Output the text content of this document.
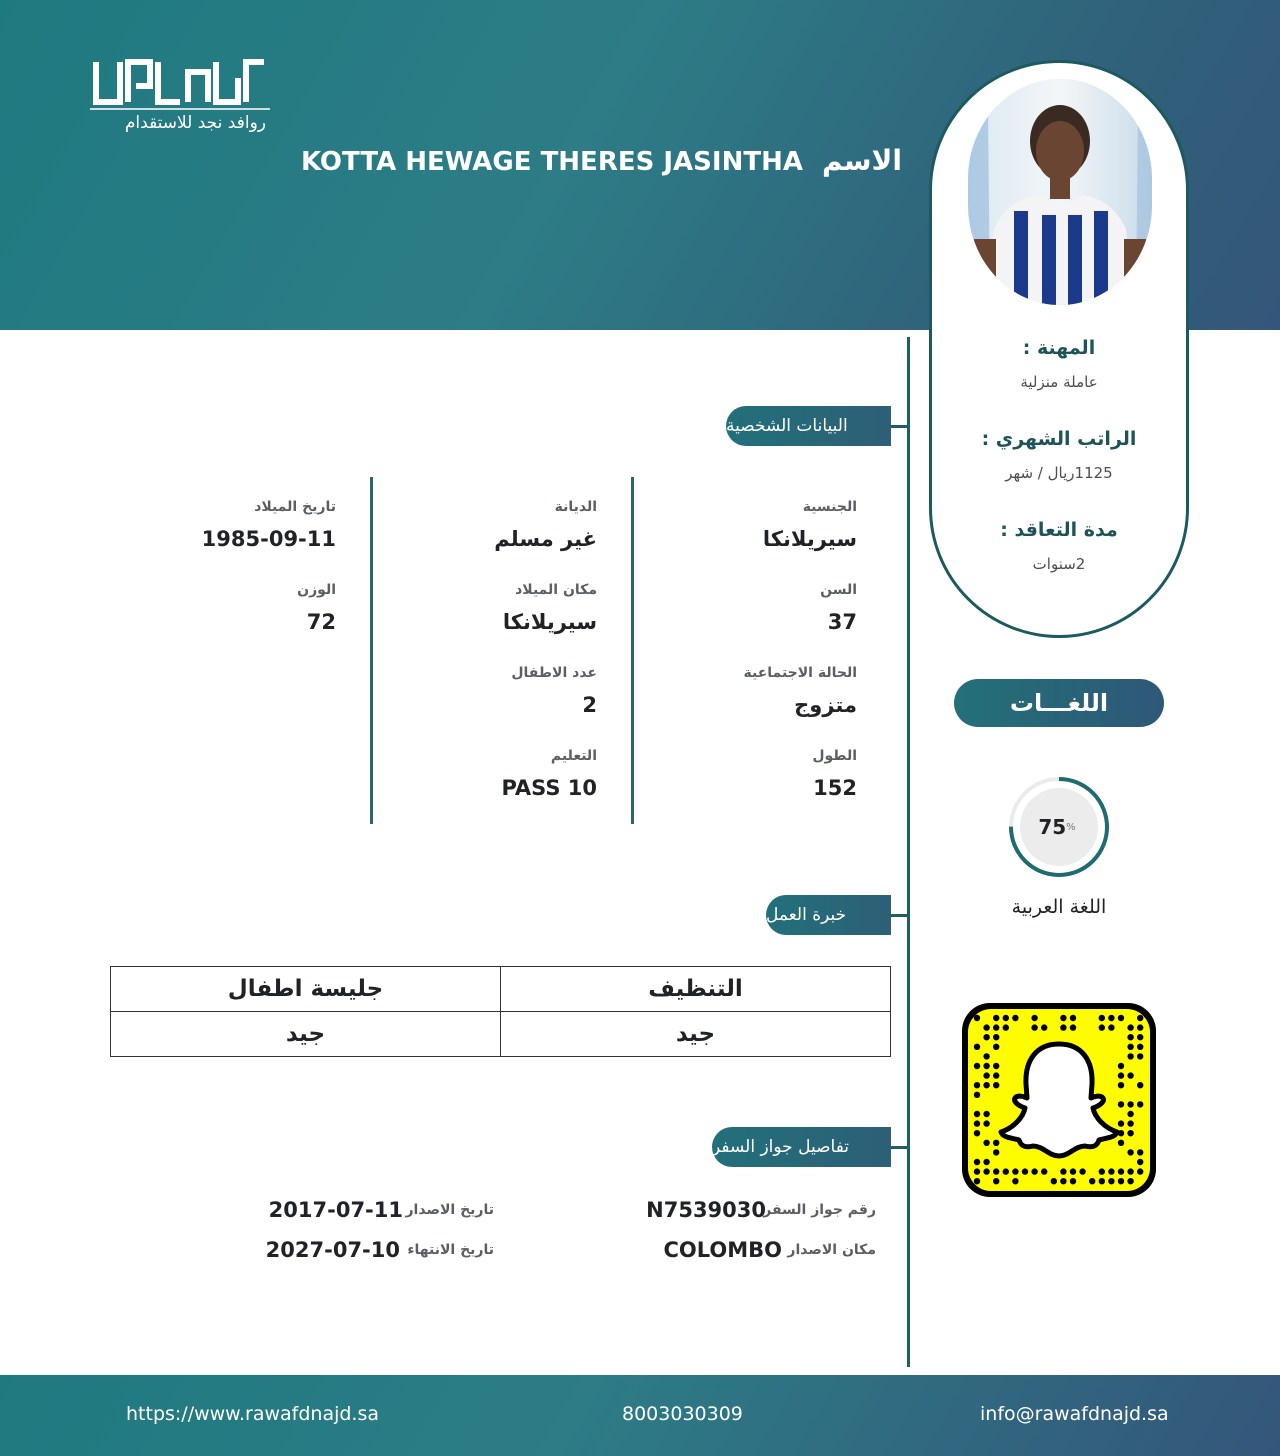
روافد نجد للاستقدام
الاسم KOTTA HEWAGE THERES JASINTHA
المهنة :
عاملة منزلية
الراتب الشهري :
1125ريال / شهر
مدة التعاقد :
2سنوات
البيانات الشخصية
الجنسية
سيريلانكا
الديانة
غير مسلم
تاريخ الميلاد
1985-09-11
السن
37
مكان الميلاد
سيريلانكا
الوزن
72
الحالة الاجتماعية
متزوج
عدد الاطفال
2
الطول
152
التعليم
PASS 10
خبرة العمل
التنظيف	جليسة اطفال
جيد	جيد
تفاصيل جواز السفر
رقم جواز السفر
N7539030
تاريخ الاصدار
2017-07-11
مكان الاصدار
COLOMBO
تاريخ الانتهاء
2027-07-10
اللغـــات
75 %
اللغة العربية
https://www.rawafdnajd.sa	8003030309	info@rawafdnajd.sa
